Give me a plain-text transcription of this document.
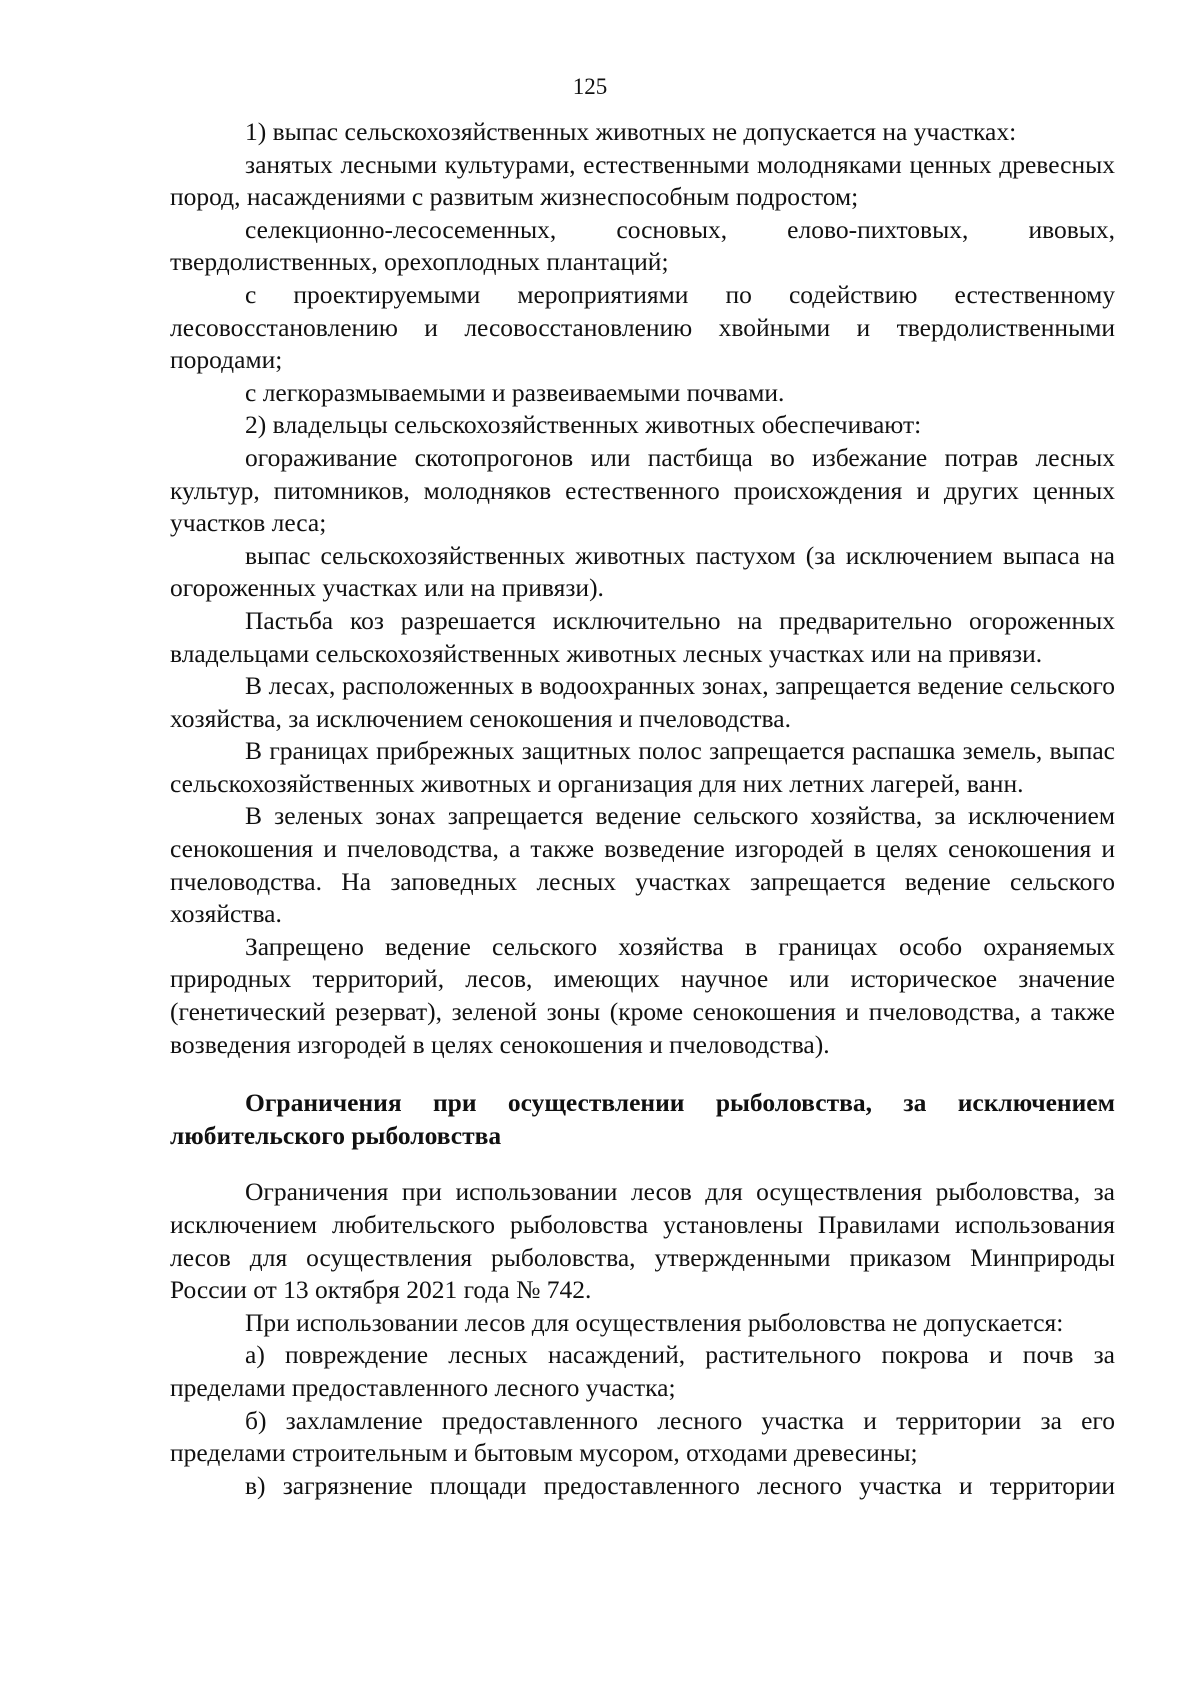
125

1) выпас сельскохозяйственных животных не допускается на участках:

занятых лесными культурами, естественными молодняками ценных древесных пород, насаждениями с развитым жизнеспособным подростом;

селекционно-лесосеменных, сосновых, елово-пихтовых, ивовых, твердолиственных, орехоплодных плантаций;

с проектируемыми мероприятиями по содействию естественному лесовосстановлению и лесовосстановлению хвойными и твердолиственными породами;

с легкоразмываемыми и развеиваемыми почвами.

2) владельцы сельскохозяйственных животных обеспечивают:

огораживание скотопрогонов или пастбища во избежание потрав лесных культур, питомников, молодняков естественного происхождения и других ценных участков леса;

выпас сельскохозяйственных животных пастухом (за исключением выпаса на огороженных участках или на привязи).

Пастьба коз разрешается исключительно на предварительно огороженных владельцами сельскохозяйственных животных лесных участках или на привязи.

В лесах, расположенных в водоохранных зонах, запрещается ведение сельского хозяйства, за исключением сенокошения и пчеловодства.

В границах прибрежных защитных полос запрещается распашка земель, выпас сельскохозяйственных животных и организация для них летних лагерей, ванн.

В зеленых зонах запрещается ведение сельского хозяйства, за исключением сенокошения и пчеловодства, а также возведение изгородей в целях сенокошения и пчеловодства. На заповедных лесных участках запрещается ведение сельского хозяйства.

Запрещено ведение сельского хозяйства в границах особо охраняемых природных территорий, лесов, имеющих научное или историческое значение (генетический резерват), зеленой зоны (кроме сенокошения и пчеловодства, а также возведения изгородей в целях сенокошения и пчеловодства).

Ограничения при осуществлении рыболовства, за исключением любительского рыболовства

Ограничения при использовании лесов для осуществления рыболовства, за исключением любительского рыболовства установлены Правилами использования лесов для осуществления рыболовства, утвержденными приказом Минприроды России от 13 октября 2021 года № 742.

При использовании лесов для осуществления рыболовства не допускается:

а) повреждение лесных насаждений, растительного покрова и почв за пределами предоставленного лесного участка;

б) захламление предоставленного лесного участка и территории за его пределами строительным и бытовым мусором, отходами древесины;

в) загрязнение площади предоставленного лесного участка и территории
